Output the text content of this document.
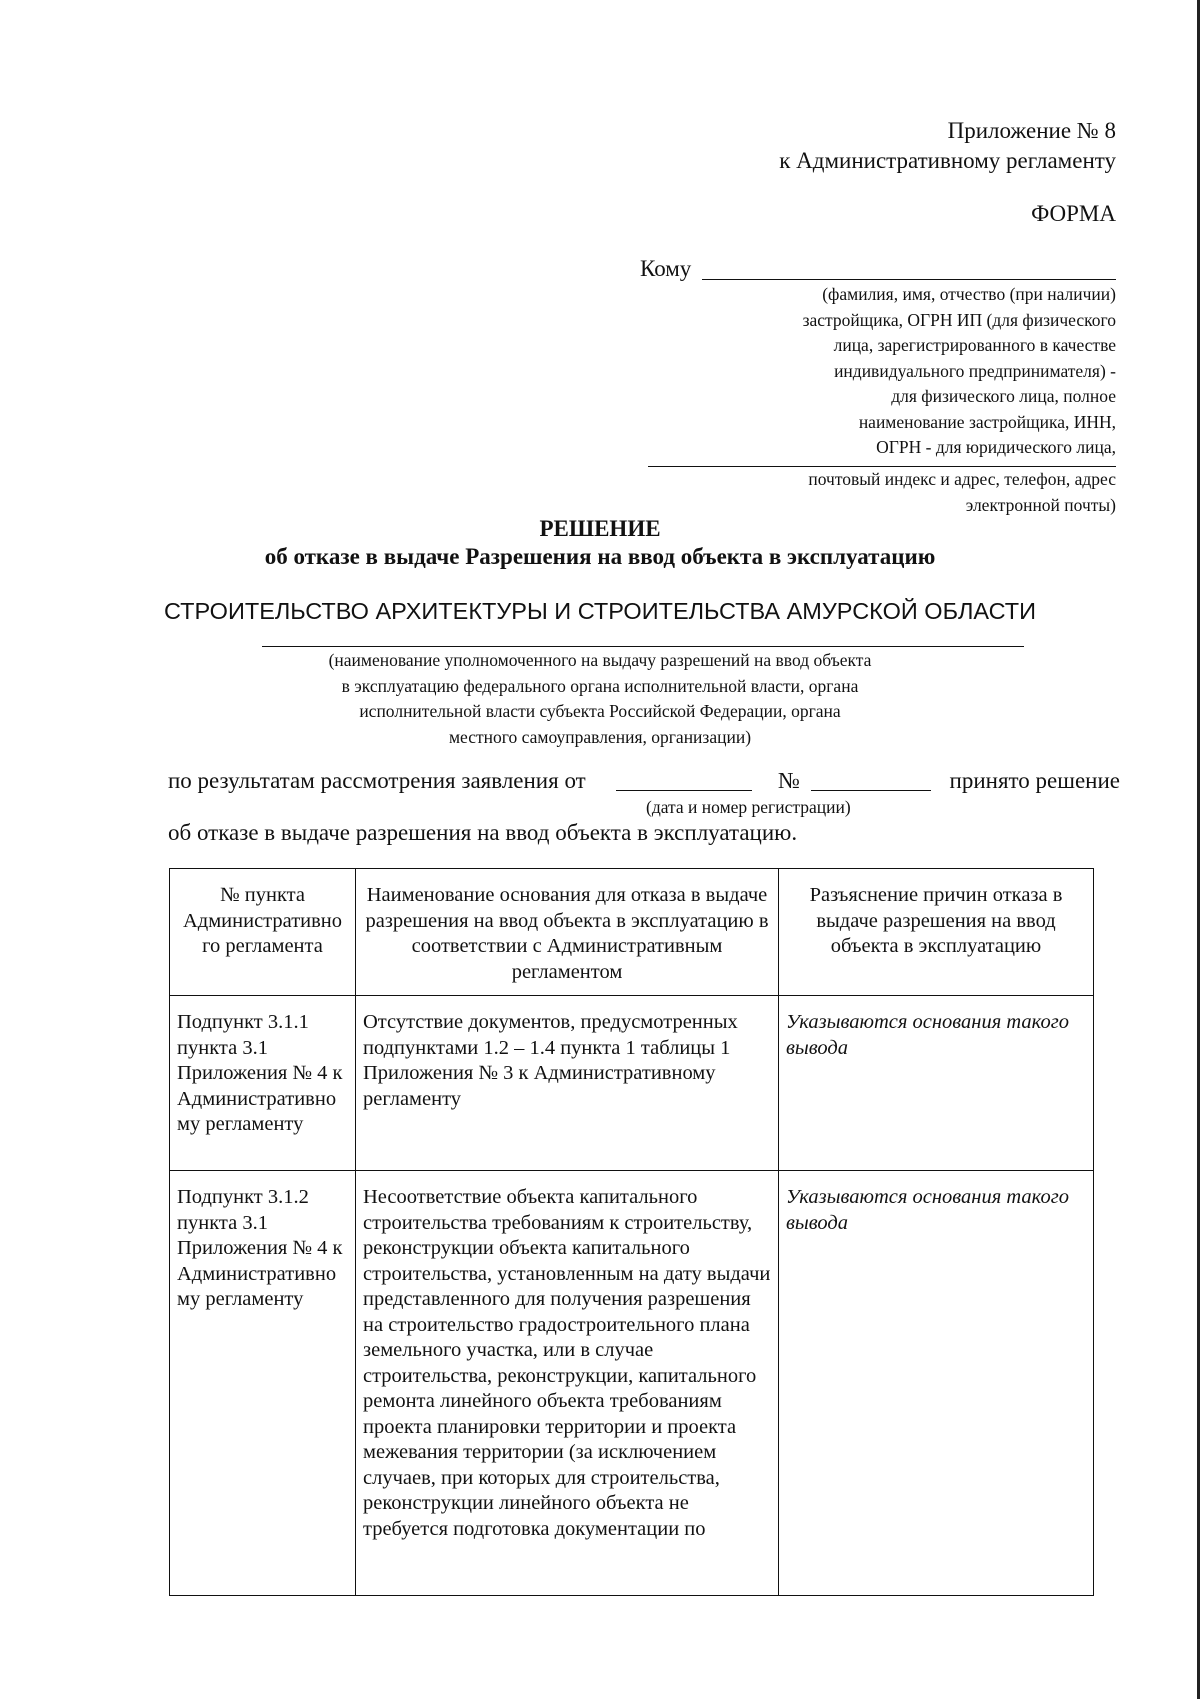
Приложение № 8
к Административному регламенту
ФОРМА
Кому
(фамилия, имя, отчество (при наличии)
застройщика, ОГРН ИП (для физического
лица, зарегистрированного в качестве
индивидуального предпринимателя) -
для физического лица, полное
наименование застройщика, ИНН,
ОГРН - для юридического лица,
почтовый индекс и адрес, телефон, адрес
электронной почты)
РЕШЕНИЕ
об отказе в выдаче Разрешения на ввод объекта в эксплуатацию
СТРОИТЕЛЬСТВО АРХИТЕКТУРЫ И СТРОИТЕЛЬСТВА АМУРСКОЙ ОБЛАСТИ
(наименование уполномоченного на выдачу разрешений на ввод объекта
в эксплуатацию федерального органа исполнительной власти, органа
исполнительной власти субъекта Российской Федерации, органа
местного самоуправления, организации)
по результатам рассмотрения заявления от	№	принято решение
(дата и номер регистрации)
об отказе в выдаче разрешения на ввод объекта в эксплуатацию.
№ пункта Административно го регламента	Наименование основания для отказа в выдаче разрешения на ввод объекта в эксплуатацию в соответствии с Административным регламентом	Разъяснение причин отказа в выдаче разрешения на ввод объекта в эксплуатацию
Подпункт 3.1.1 пункта 3.1 Приложения № 4 к Административно му регламенту	Отсутствие документов, предусмотренных подпунктами 1.2 – 1.4 пункта 1 таблицы 1 Приложения № 3 к Административному регламенту	Указываются основания такого вывода
Подпункт 3.1.2 пункта 3.1 Приложения № 4 к Административно му регламенту	Несоответствие объекта капитального строительства требованиям к строительству, реконструкции объекта капитального строительства, установленным на дату выдачи представленного для получения разрешения на строительство градостроительного плана земельного участка, или в случае строительства, реконструкции, капитального ремонта линейного объекта требованиям проекта планировки территории и проекта межевания территории (за исключением случаев, при которых для строительства, реконструкции линейного объекта не требуется подготовка документации по	Указываются основания такого вывода
